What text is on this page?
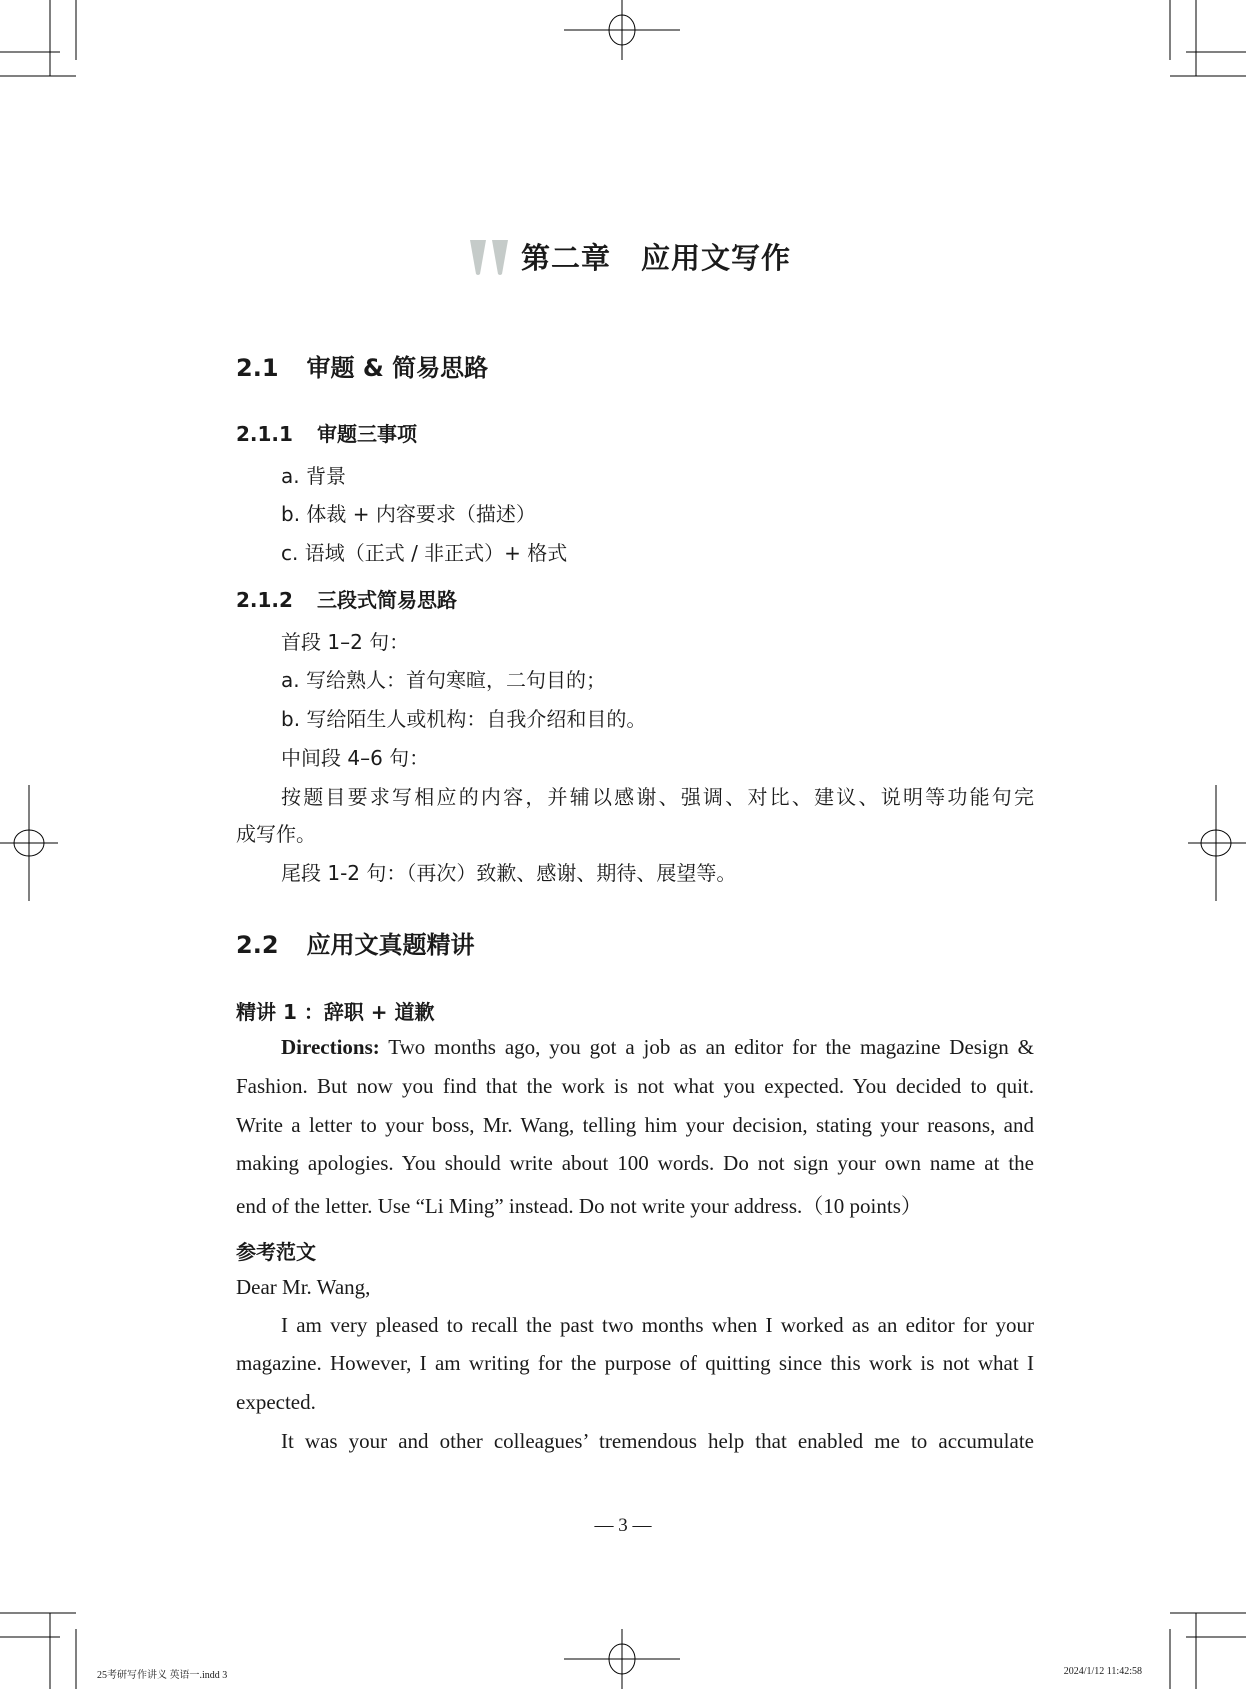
第二章　应用文写作
2.1 审题 & 简易思路
2.1.1 审题三事项
a. 背景
b. 体裁 + 内容要求（描述）
c. 语域（正式 / 非正式）+ 格式
2.1.2 三段式简易思路
首段 1–2 句：
a. 写给熟人：首句寒暄，二句目的；
b. 写给陌生人或机构：自我介绍和目的。
中间段 4–6 句：
按题目要求写相应的内容，并辅以感谢、强调、对比、建议、说明等功能句完
成写作。
尾段 1-2 句：（再次）致歉、感谢、期待、展望等。
2.2 应用文真题精讲
精讲 1 ：辞职 + 道歉
Directions: Two months ago, you got a job as an editor for the magazine Design &
Fashion. But now you find that the work is not what you expected. You decided to quit.
Write a letter to your boss, Mr. Wang, telling him your decision, stating your reasons, and
making apologies. You should write about 100 words. Do not sign your own name at the
end of the letter. Use “Li Ming” instead. Do not write your address.（10 points）
参考范文
Dear Mr. Wang,
I am very pleased to recall the past two months when I worked as an editor for your
magazine. However, I am writing for the purpose of quitting since this work is not what I
expected.
It was your and other colleagues’ tremendous help that enabled me to accumulate
— 3 —
25考研写作讲义 英语一.indd 3	2024/1/12 11:42:58
